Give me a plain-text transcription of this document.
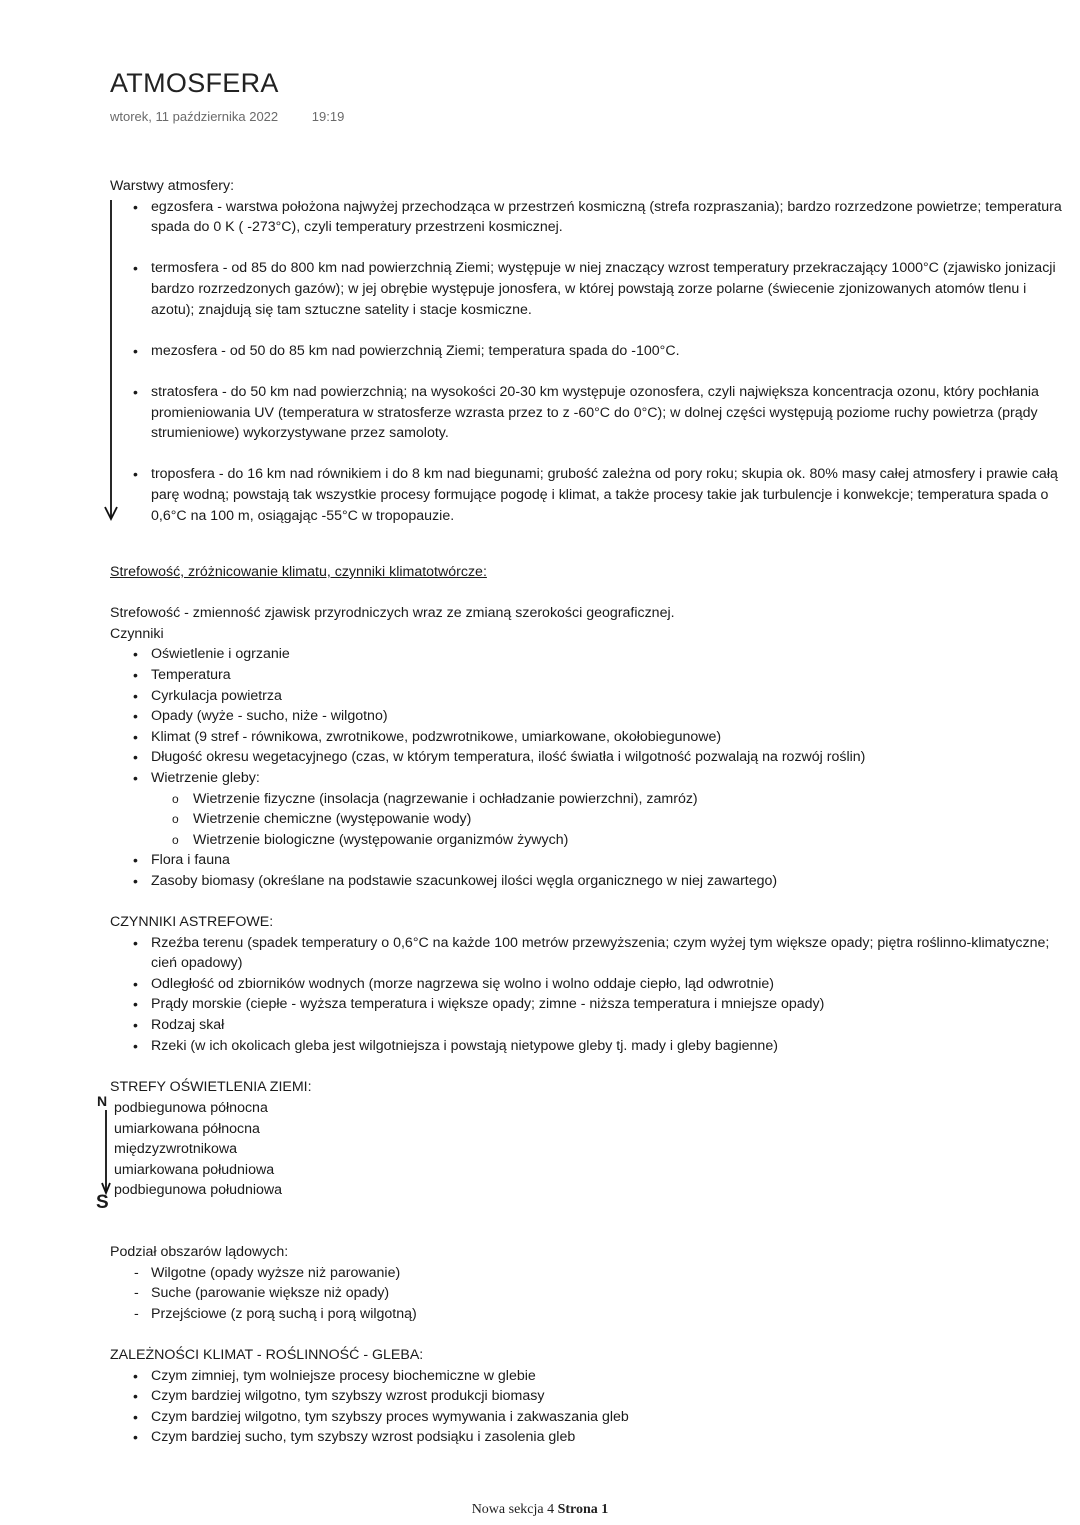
ATMOSFERA
wtorek, 11 października 2022	19:19
Warstwy atmosfery:
• egzosfera - warstwa położona najwyżej przechodząca w przestrzeń kosmiczną (strefa rozpraszania); bardzo rozrzedzone powietrze; temperatura spada do 0 K ( -273°C), czyli temperatury przestrzeni kosmicznej.
• termosfera - od 85 do 800 km nad powierzchnią Ziemi; występuje w niej znaczący wzrost temperatury przekraczający 1000°C (zjawisko jonizacji bardzo rozrzedzonych gazów); w jej obrębie występuje jonosfera, w której powstają zorze polarne (świecenie zjonizowanych atomów tlenu i azotu); znajdują się tam sztuczne satelity i stacje kosmiczne.
• mezosfera - od 50 do 85 km nad powierzchnią Ziemi; temperatura spada do -100°C.
• stratosfera - do 50 km nad powierzchnią; na wysokości 20-30 km występuje ozonosfera, czyli największa koncentracja ozonu, który pochłania promieniowania UV (temperatura w stratosferze wzrasta przez to z -60°C do 0°C); w dolnej części występują poziome ruchy powietrza (prądy strumieniowe) wykorzystywane przez samoloty.
• troposfera - do 16 km nad równikiem i do 8 km nad biegunami; grubość zależna od pory roku; skupia ok. 80% masy całej atmosfery i prawie całą parę wodną; powstają tak wszystkie procesy formujące pogodę i klimat, a także procesy takie jak turbulencje i konwekcje; temperatura spada o 0,6°C na 100 m, osiągając -55°C w tropopauzie.
Strefowość, zróżnicowanie klimatu, czynniki klimatotwórcze:
Strefowość - zmienność zjawisk przyrodniczych wraz ze zmianą szerokości geograficznej.
Czynniki
• Oświetlenie i ogrzanie
• Temperatura
• Cyrkulacja powietrza
• Opady (wyże - sucho, niże - wilgotno)
• Klimat (9 stref - równikowa, zwrotnikowe, podzwrotnikowe, umiarkowane, okołobiegunowe)
• Długość okresu wegetacyjnego (czas, w którym temperatura, ilość światła i wilgotność pozwalają na rozwój roślin)
• Wietrzenie gleby:
o Wietrzenie fizyczne (insolacja (nagrzewanie i ochładzanie powierzchni), zamróz)
o Wietrzenie chemiczne (występowanie wody)
o Wietrzenie biologiczne (występowanie organizmów żywych)
• Flora i fauna
• Zasoby biomasy (określane na podstawie szacunkowej ilości węgla organicznego w niej zawartego)
CZYNNIKI ASTREFOWE:
• Rzeźba terenu (spadek temperatury o 0,6°C na każde 100 metrów przewyższenia; czym wyżej tym większe opady; piętra roślinno-klimatyczne; cień opadowy)
• Odległość od zbiorników wodnych (morze nagrzewa się wolno i wolno oddaje ciepło, ląd odwrotnie)
• Prądy morskie (ciepłe - wyższa temperatura i większe opady; zimne - niższa temperatura i mniejsze opady)
• Rodzaj skał
• Rzeki (w ich okolicach gleba jest wilgotniejsza i powstają nietypowe gleby tj. mady i gleby bagienne)
STREFY OŚWIETLENIA ZIEMI:
N
S
podbiegunowa północna
umiarkowana północna
międzyzwrotnikowa
umiarkowana południowa
podbiegunowa południowa
Podział obszarów lądowych:
- Wilgotne (opady wyższe niż parowanie)
- Suche (parowanie większe niż opady)
- Przejściowe (z porą suchą i porą wilgotną)
ZALEŻNOŚCI KLIMAT - ROŚLINNOŚĆ - GLEBA:
• Czym zimniej, tym wolniejsze procesy biochemiczne w glebie
• Czym bardziej wilgotno, tym szybszy wzrost produkcji biomasy
• Czym bardziej wilgotno, tym szybszy proces wymywania i zakwaszania gleb
• Czym bardziej sucho, tym szybszy wzrost podsiąku i zasolenia gleb
Nowa sekcja 4 Strona 1
